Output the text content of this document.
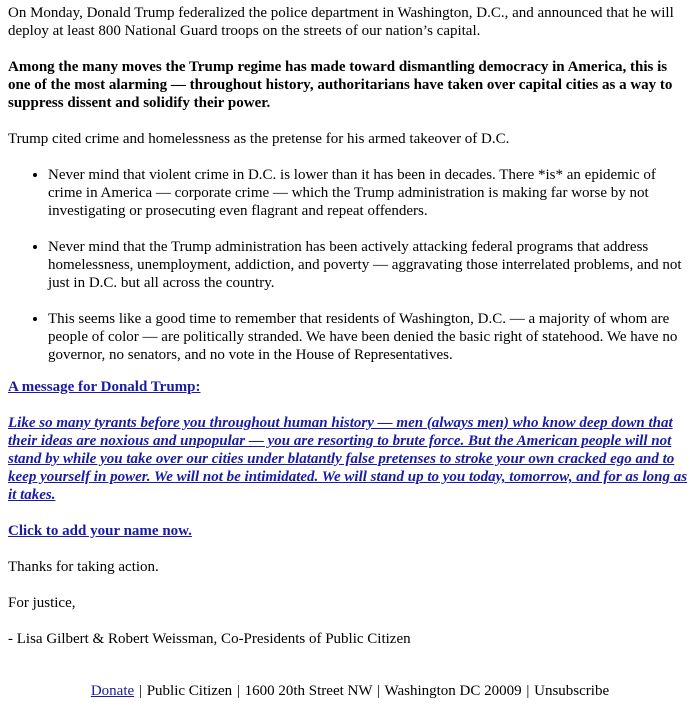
On Monday, Donald Trump federalized the police department in Washington, D.C., and announced that he will deploy at least 800 National Guard troops on the streets of our nation’s capital.

Among the many moves the Trump regime has made toward dismantling democracy in America, this is one of the most alarming — throughout history, authoritarians have taken over capital cities as a way to suppress dissent and solidify their power.

Trump cited crime and homelessness as the pretense for his armed takeover of D.C.

• Never mind that violent crime in D.C. is lower than it has been in decades. There *is* an epidemic of crime in America — corporate crime — which the Trump administration is making far worse by not investigating or prosecuting even flagrant and repeat offenders.
• Never mind that the Trump administration has been actively attacking federal programs that address homelessness, unemployment, addiction, and poverty — aggravating those interrelated problems, and not just in D.C. but all across the country.
• This seems like a good time to remember that residents of Washington, D.C. — a majority of whom are people of color — are politically stranded. We have been denied the basic right of statehood. We have no governor, no senators, and no vote in the House of Representatives.

A message for Donald Trump:

Like so many tyrants before you throughout human history — men (always men) who know deep down that their ideas are noxious and unpopular — you are resorting to brute force. But the American people will not stand by while you take over our cities under blatantly false pretenses to stroke your own cracked ego and to keep yourself in power. We will not be intimidated. We will stand up to you today, tomorrow, and for as long as it takes.

Click to add your name now.

Thanks for taking action.

For justice,

- Lisa Gilbert & Robert Weissman, Co-Presidents of Public Citizen

Donate | Public Citizen | 1600 20th Street NW | Washington DC 20009 | Unsubscribe
